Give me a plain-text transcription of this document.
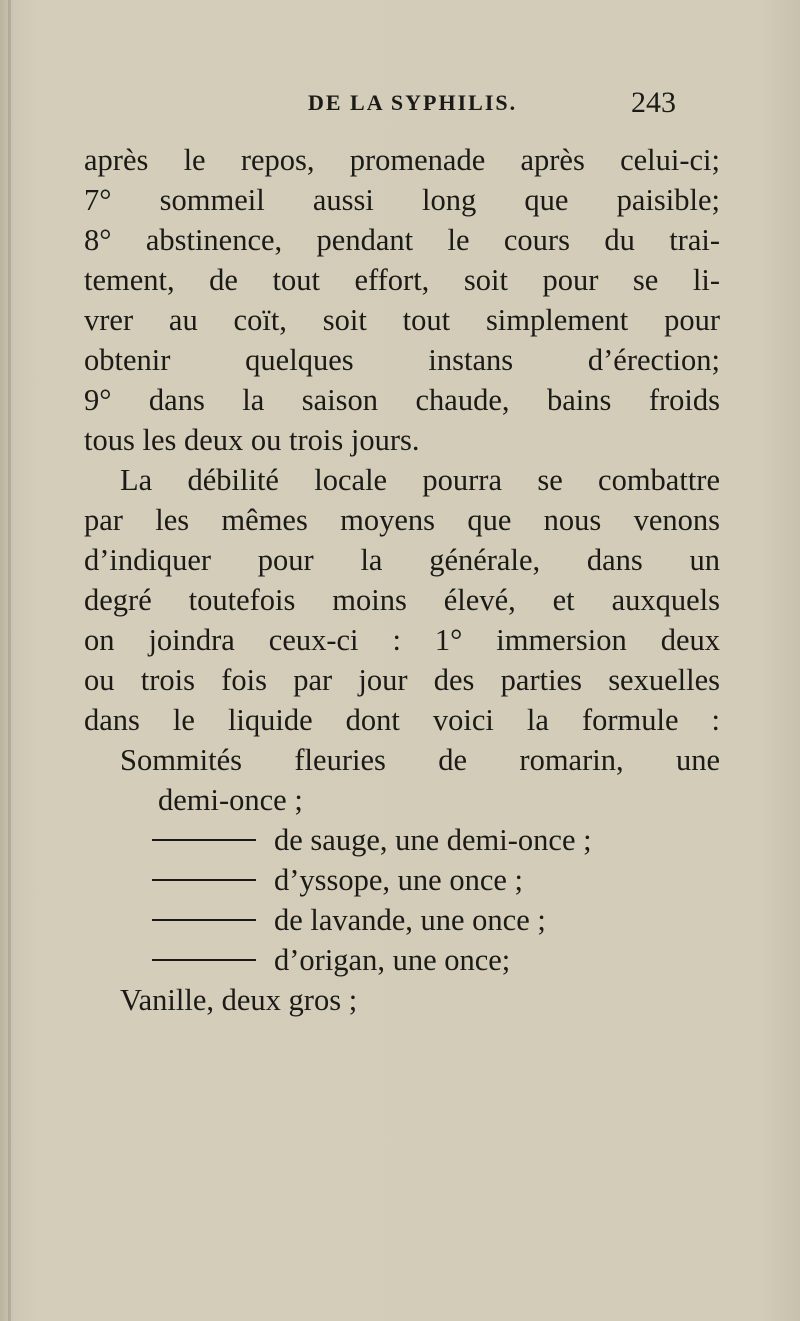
DE LA SYPHILIS.	243
après le repos, promenade après celui-ci;
7° sommeil aussi long que paisible;
8° abstinence, pendant le cours du trai-
tement, de tout effort, soit pour se li-
vrer au coït, soit tout simplement pour
obtenir quelques instans d’érection;
9° dans la saison chaude, bains froids
tous les deux ou trois jours.
La débilité locale pourra se combattre
par les mêmes moyens que nous venons
d’indiquer pour la générale, dans un
degré toutefois moins élevé, et auxquels
on joindra ceux-ci : 1° immersion deux
ou trois fois par jour des parties sexuelles
dans le liquide dont voici la formule :
Sommités fleuries de romarin, une
demi-once ;
de sauge, une demi-once ;
d’yssope, une once ;
de lavande, une once ;
d’origan, une once;
Vanille, deux gros ;
